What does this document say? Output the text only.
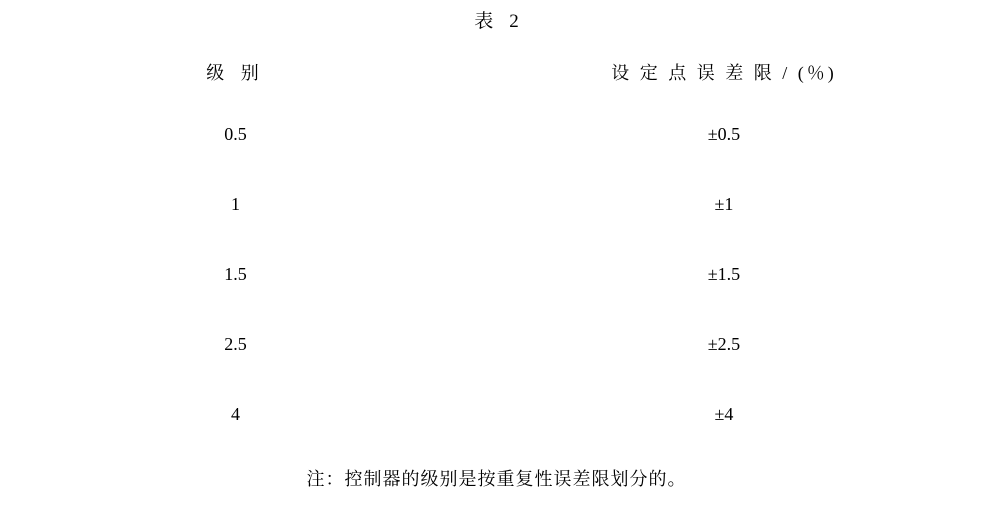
表 2
级 别	设 定 点 误 差 限 / (％)
0.5	±0.5
1	±1
1.5	±1.5
2.5	±2.5
4	±4
注：控制器的级别是按重复性误差限划分的。	
